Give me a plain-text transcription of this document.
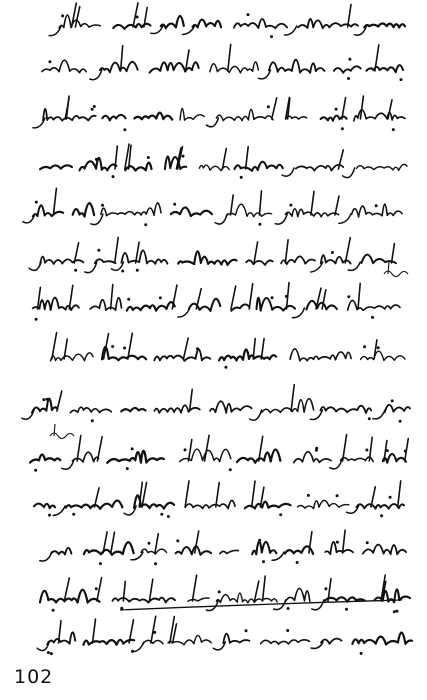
102
